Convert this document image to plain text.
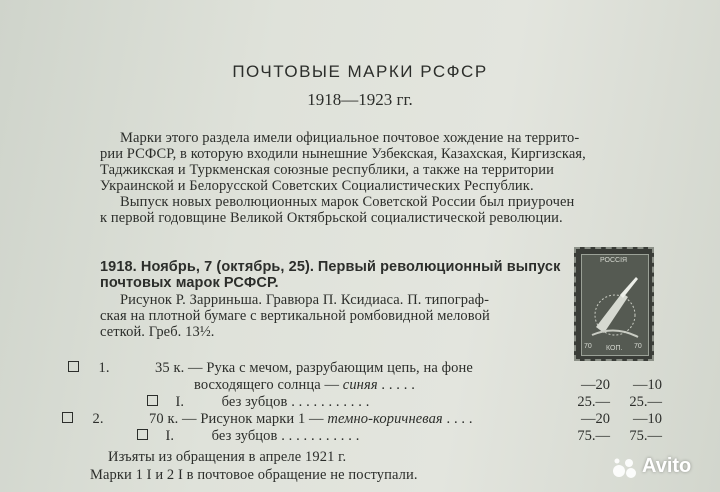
ПОЧТОВЫЕ МАРКИ РСФСР
1918—1923 гг.
Марки этого раздела имели официальное почтовое хождение на террито-
рии РСФСР, в которую входили нынешние Узбекская, Казахская, Киргизская,
Таджикская и Туркменская союзные республики, а также на территории
Украинской и Белорусской Советских Социалистических Республик.
Выпуск новых революционных марок Советской России был приурочен
к первой годовщине Великой Октябрьской социалистической революции.
1918. Ноябрь, 7 (октябрь, 25). Первый революционный выпуск
почтовых марок РСФСР.
Рисунок Р. Зарриньша. Гравюра П. Ксидиаса. П. типограф-
ская на плотной бумаге с вертикальной ромбовидной меловой
сеткой. Греб. 13½.
РОССIЯ
70 КОП. 70
1.	35 к. — Рука с мечом, разрубающим цепь, на фоне
восходящего солнца — синяя . . . . .	—20	—10
I.	без зубцов . . . . . . . . . . .	25.—	25.—
2.	70 к. — Рисунок марки 1 — темно-коричневая . . . .	—20	—10
I.	без зубцов . . . . . . . . . . .	75.—	75.—
Изъяты из обращения в апреле 1921 г.
Марки 1 I и 2 I в почтовое обращение не поступали.	Avito
